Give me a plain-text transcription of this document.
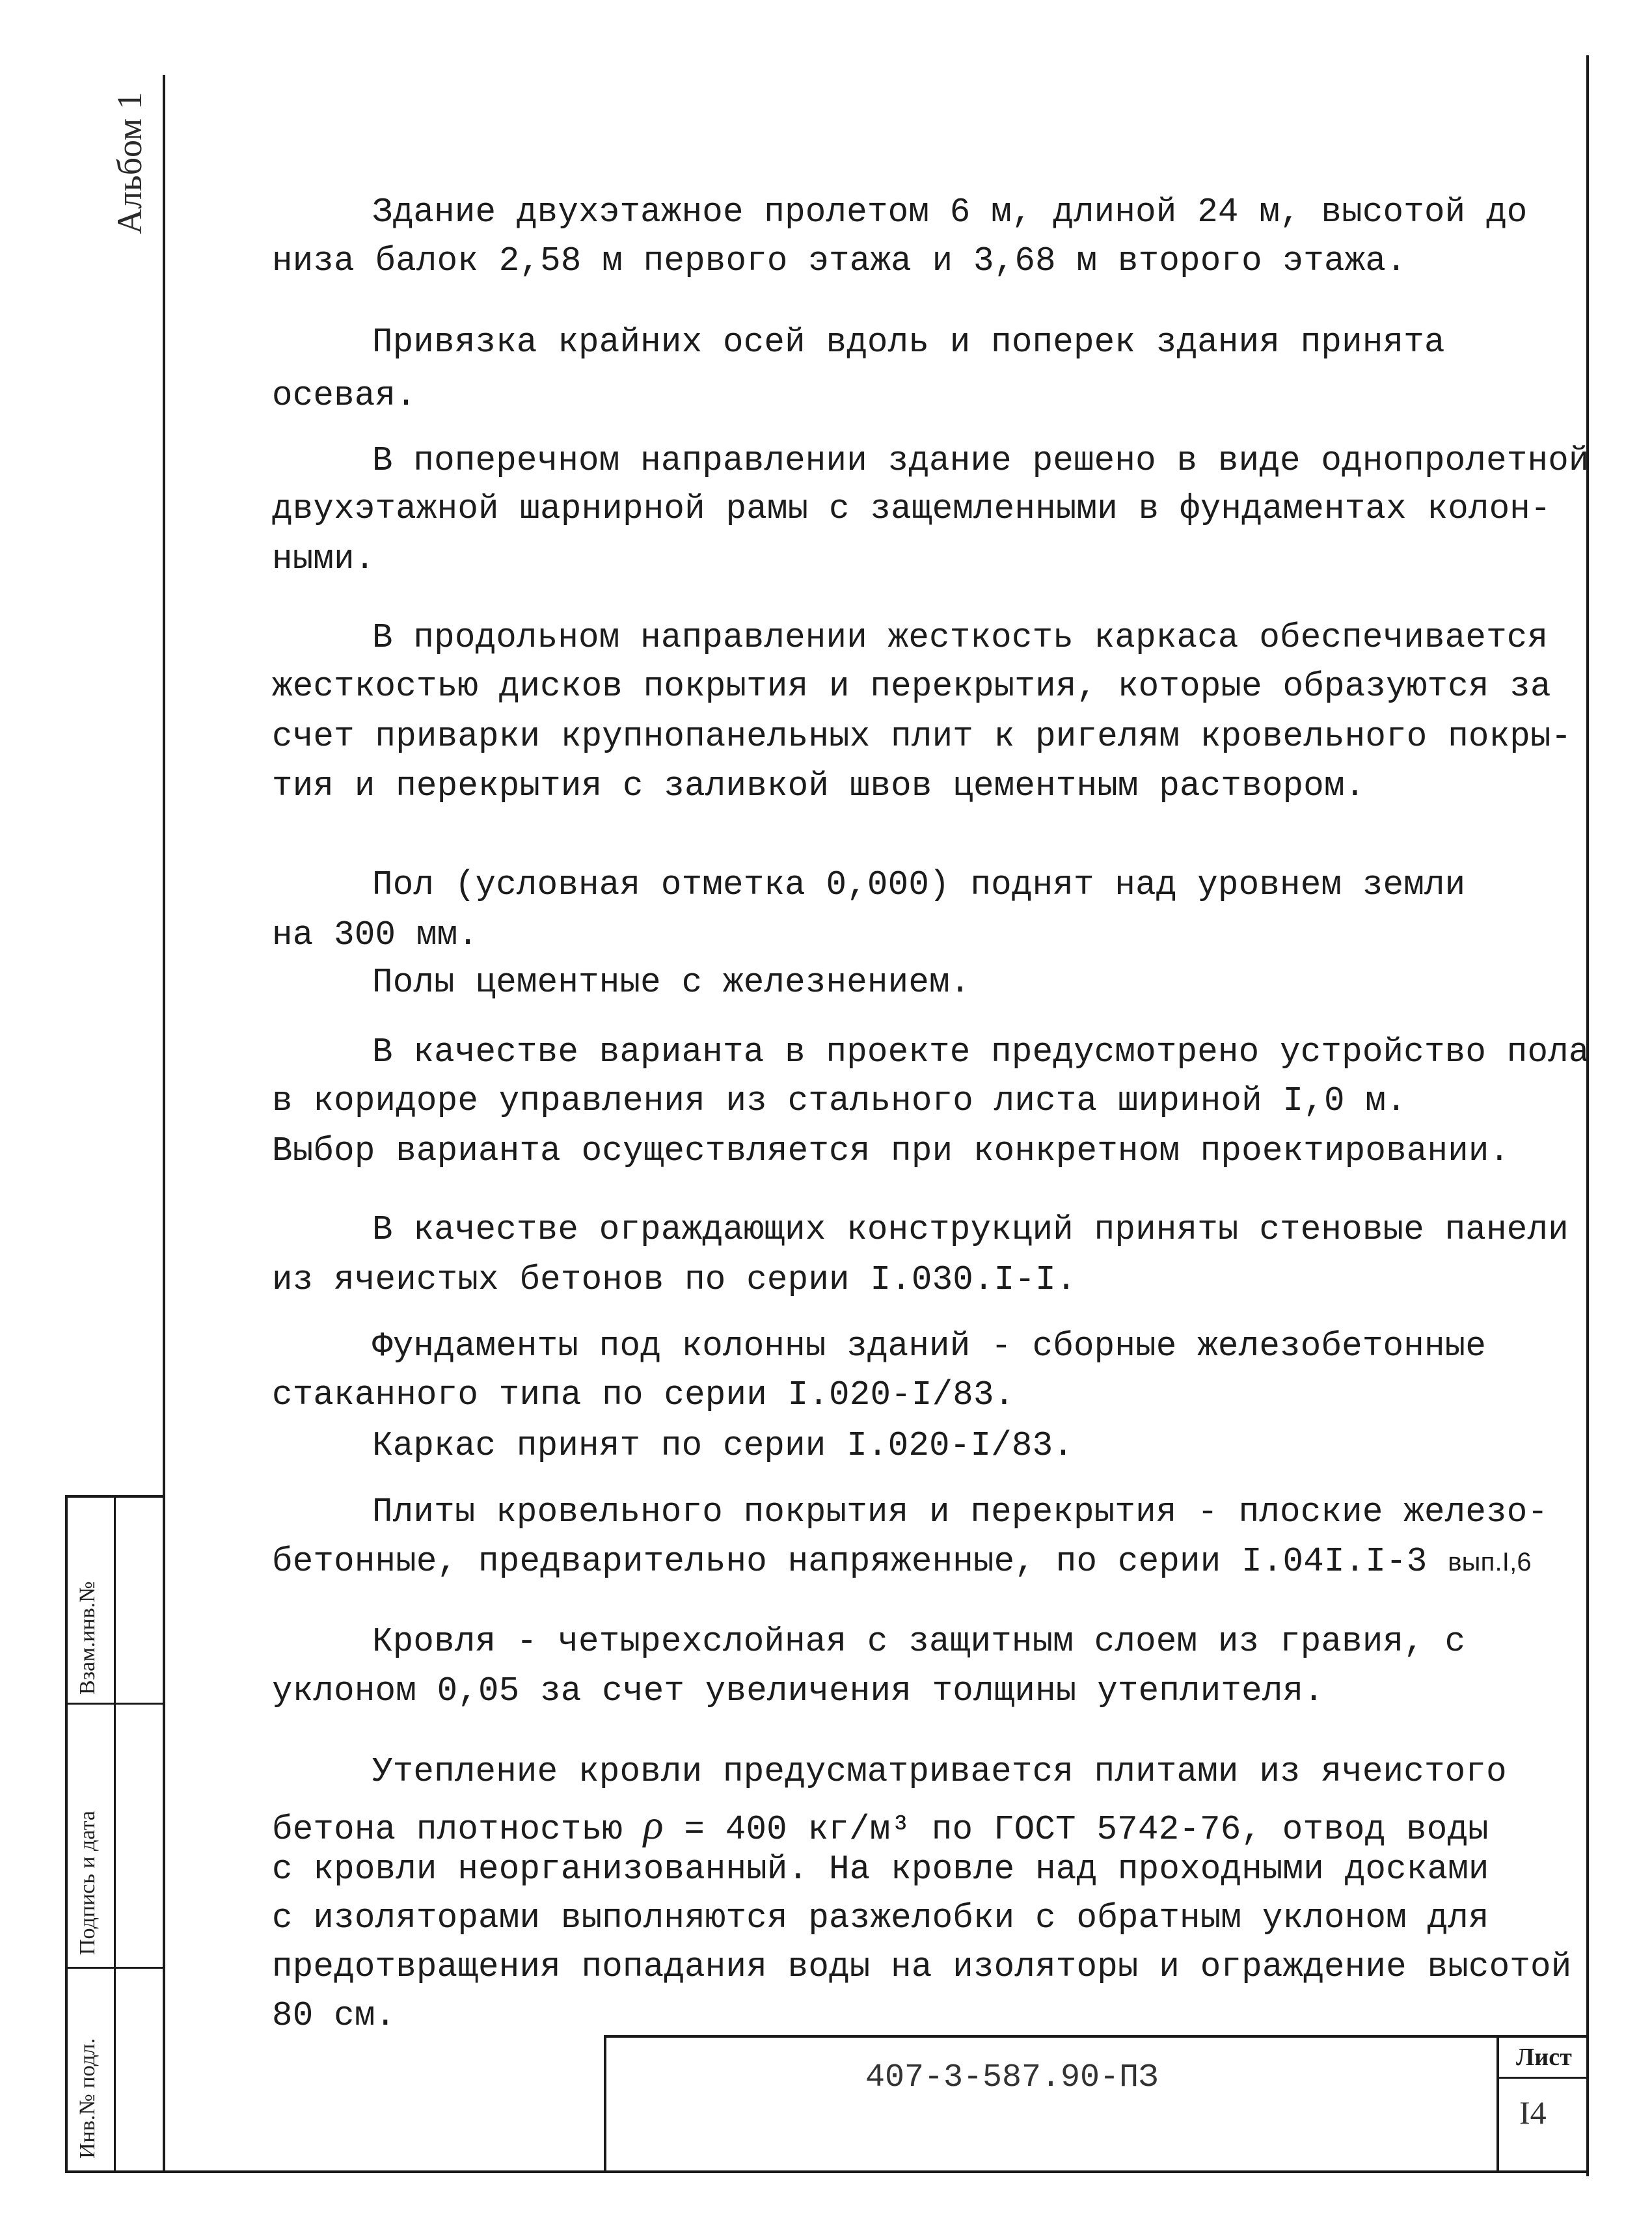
Альбом 1
Взам.инв.№
Подпись и дата
Инв.№ подл.
Здание двухэтажное пролетом 6 м, длиной 24 м, высотой до
низа балок 2,58 м первого этажа и 3,68 м второго этажа.
Привязка крайних осей вдоль и поперек здания принята
осевая.
В поперечном направлении здание решено в виде однопролетной
двухэтажной шарнирной рамы с защемленными в фундаментах колон-
ными.
В продольном направлении жесткость каркаса обеспечивается
жесткостью дисков покрытия и перекрытия, которые образуются за
счет приварки крупнопанельных плит к ригелям кровельного покры-
тия и перекрытия с заливкой швов цементным раствором.
Пол (условная отметка 0,000) поднят над уровнем земли
на 300 мм.
Полы цементные с железнением.
В качестве варианта в проекте предусмотрено устройство пола
в коридоре управления из стального листа шириной I,0 м.
Выбор варианта осуществляется при конкретном проектировании.
В качестве ограждающих конструкций приняты стеновые панели
из ячеистых бетонов по серии I.030.I-I.
Фундаменты под колонны зданий - сборные железобетонные
стаканного типа по серии I.020-I/83.
Каркас принят по серии I.020-I/83.
Плиты кровельного покрытия и перекрытия - плоские железо-
бетонные, предварительно напряженные, по серии I.04I.I-3 вып.I,6
Кровля - четырехслойная с защитным слоем из гравия, с
уклоном 0,05 за счет увеличения толщины утеплителя.
Утепление кровли предусматривается плитами из ячеистого
бетона плотностью ρ = 400 кг/м³ по ГОСТ 5742-76, отвод воды
с кровли неорганизованный. На кровле над проходными досками
с изоляторами выполняются разжелобки с обратным уклоном для
предотвращения попадания воды на изоляторы и ограждение высотой
80 см.
407-3-587.90-ПЗ
Лист
I4
